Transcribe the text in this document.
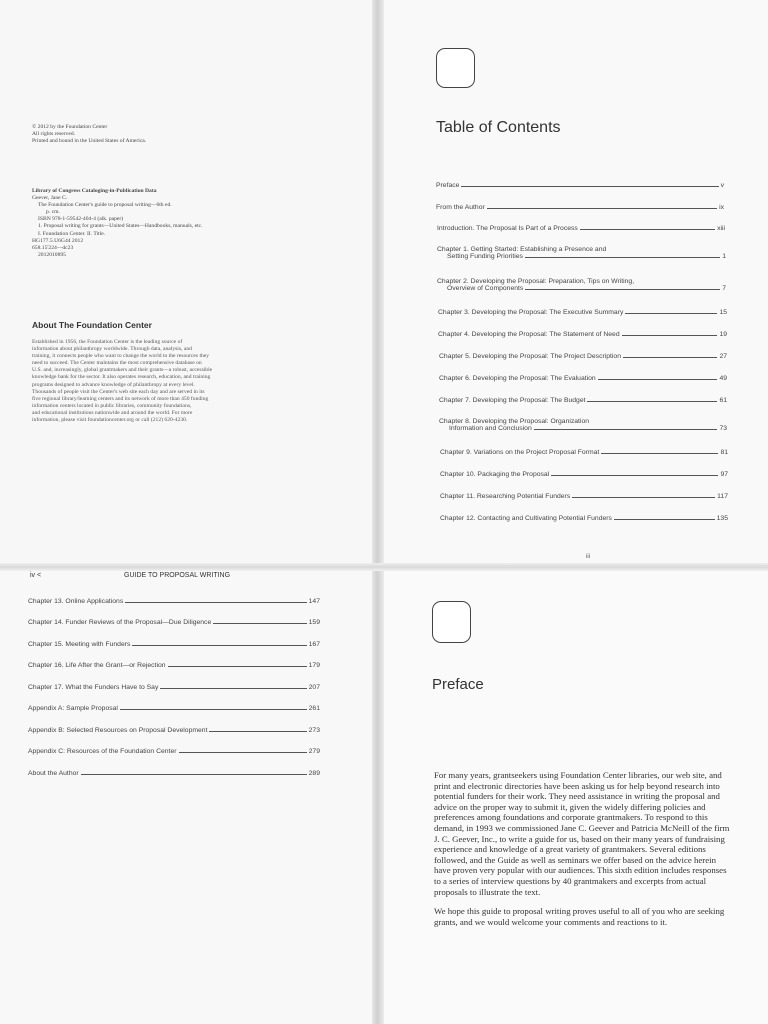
© 2012 by the Foundation Center
All rights reserved.
Printed and bound in the United States of America.
Library of Congress Cataloging-in-Publication Data
Geever, Jane C.
The Foundation Center's guide to proposal writing—6th ed.
p. cm.
ISBN 978-1-59542-404-4 (alk. paper)
1. Proposal writing for grants—United States—Handbooks, manuals, etc.
I. Foundation Center. II. Title.
HG177.5.U6G44 2012
658.15'224—dc23
2012010895
About The Foundation Center
Established in 1956, the Foundation Center is the leading source of
information about philanthropy worldwide. Through data, analysis, and
training, it connects people who want to change the world to the resources they
need to succeed. The Center maintains the most comprehensive database on
U.S. and, increasingly, global grantmakers and their grants—a robust, accessible
knowledge bank for the sector. It also operates research, education, and training
programs designed to advance knowledge of philanthropy at every level.
Thousands of people visit the Center's web site each day and are served in its
five regional library/learning centers and its network of more than 450 funding
information centers located in public libraries, community foundations,
and educational institutions nationwide and around the world. For more
information, please visit foundationcenter.org or call (212) 620-4230.
Table of Contents
Preface	v
From the Author	ix
Introduction. The Proposal Is Part of a Process	xiii
Chapter 1. Getting Started: Establishing a Presence and
Setting Funding Priorities	1
Chapter 2. Developing the Proposal: Preparation, Tips on Writing,
Overview of Components	7
Chapter 3. Developing the Proposal: The Executive Summary	15
Chapter 4. Developing the Proposal: The Statement of Need	19
Chapter 5. Developing the Proposal: The Project Description	27
Chapter 6. Developing the Proposal: The Evaluation	49
Chapter 7. Developing the Proposal: The Budget	61
Chapter 8. Developing the Proposal: Organization
Information and Conclusion	73
Chapter 9. Variations on the Project Proposal Format	81
Chapter 10. Packaging the Proposal	97
Chapter 11. Researching Potential Funders	117
Chapter 12. Contacting and Cultivating Potential Funders	135
iii
iv <	GUIDE TO PROPOSAL WRITING
Chapter 13. Online Applications	147
Chapter 14. Funder Reviews of the Proposal—Due Diligence	159
Chapter 15. Meeting with Funders	167
Chapter 16. Life After the Grant—or Rejection	179
Chapter 17. What the Funders Have to Say	207
Appendix A: Sample Proposal	261
Appendix B: Selected Resources on Proposal Development	273
Appendix C: Resources of the Foundation Center	279
About the Author	289
Preface

For many years, grantseekers using Foundation Center libraries, our web site, and print and electronic directories have been asking us for help beyond research into potential funders for their work. They need assistance in writing the proposal and advice on the proper way to submit it, given the widely differing policies and preferences among foundations and corporate grantmakers. To respond to this demand, in 1993 we commissioned Jane C. Geever and Patricia McNeill of the firm J. C. Geever, Inc., to write a guide for us, based on their many years of fundraising experience and knowledge of a great variety of grantmakers. Several editions followed, and the Guide as well as seminars we offer based on the advice herein have proven very popular with our audiences. This sixth edition includes responses to a series of interview questions by 40 grantmakers and excerpts from actual proposals to illustrate the text.

We hope this guide to proposal writing proves useful to all of you who are seeking grants, and we would welcome your comments and reactions to it.
